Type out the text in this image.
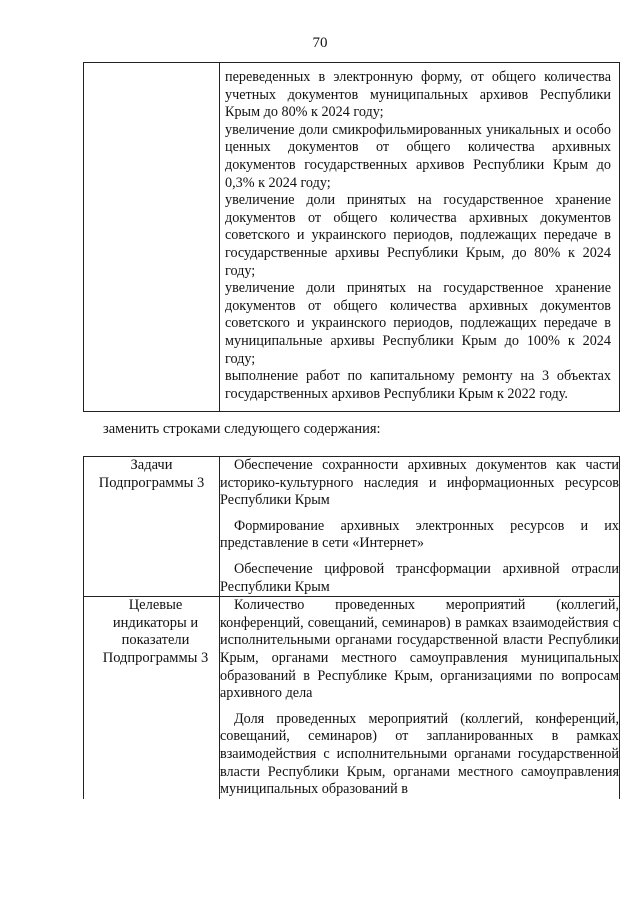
70

переведенных в электронную форму, от общего количества учетных документов муниципальных архивов Республики Крым до 80% к 2024 году;

увеличение доли смикрофильмированных уникальных и особо ценных документов от общего количества архивных документов государственных архивов Республики Крым до 0,3% к 2024 году;

увеличение доли принятых на государственное хранение документов от общего количества архивных документов советского и украинского периодов, подлежащих передаче в государственные архивы Республики Крым, до 80% к 2024 году;

увеличение доли принятых на государственное хранение документов от общего количества архивных документов советского и украинского периодов, подлежащих передаче в муниципальные архивы Республики Крым до 100% к 2024 году;

выполнение работ по капитальному ремонту на 3 объектах государственных архивов Республики Крым к 2022 году.

заменить строками следующего содержания:
Задачи Подпрограммы 3	Обеспечение сохранности архивных документов как части историко-культурного наследия и информационных ресурсов Республики Крым

Формирование архивных электронных ресурсов и их представление в сети «Интернет»

Обеспечение цифровой трансформации архивной отрасли Республики Крым

Целевые индикаторы и показатели Подпрограммы 3	Количество проведенных мероприятий (коллегий, конференций, совещаний, семинаров) в рамках взаимодействия с исполнительными органами государственной власти Республики Крым, органами местного самоуправления муниципальных образований в Республике Крым, организациями по вопросам архивного дела

Доля проведенных мероприятий (коллегий, конференций, совещаний, семинаров) от запланированных в рамках взаимодействия с исполнительными органами государственной власти Республики Крым, органами местного самоуправления муниципальных образований в
